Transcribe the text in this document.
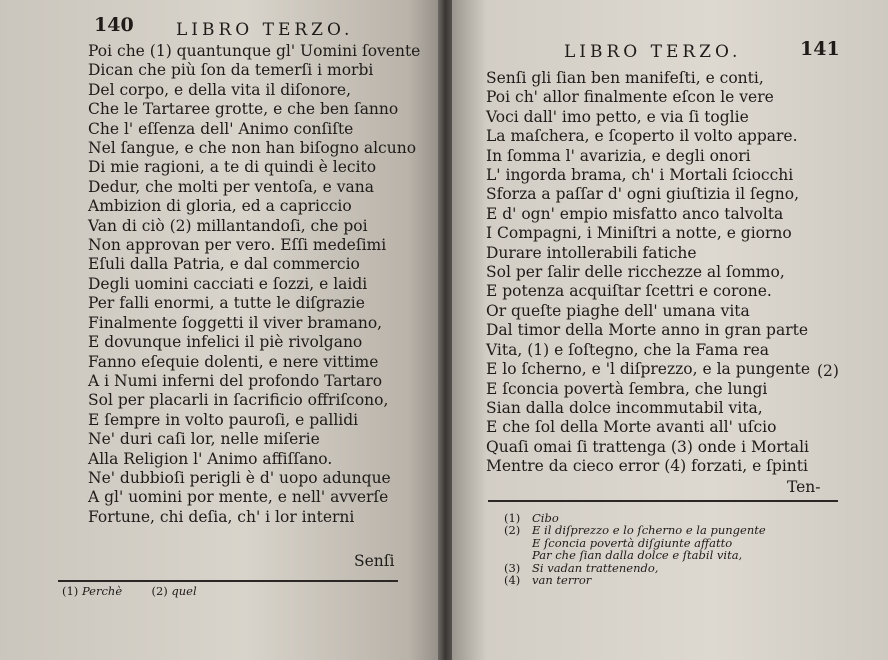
140 LIBRO TERZO.
Poi che (1) quantunque gl' Uomini ſovente
Dican che più ſon da temerſi i morbi
Del corpo, e della vita il diſonore,
Che le Tartaree grotte, e che ben ſanno
Che l' eſſenza dell' Animo conſiſte
Nel ſangue, e che non han biſogno alcuno
Di mie ragioni, a te di quindi è lecito
Dedur, che molti per ventoſa, e vana
Ambizion di gloria, ed a capriccio
Van di ciò (2) millantandoſi, che poi
Non approvan per vero. Eſſi medeſimi
Eſuli dalla Patria, e dal commercio
Degli uomini cacciati e ſozzi, e laidi
Per falli enormi, a tutte le diſgrazie
Finalmente ſoggetti il viver bramano,
E dovunque infelici il piè rivolgano
Fanno eſequie dolenti, e nere vittime
A i Numi inferni del profondo Tartaro
Sol per placarli in ſacrificio offriſcono,
E ſempre in volto pauroſi, e pallidi
Ne' duri caſi lor, nelle miſerie
Alla Religion l' Animo affiſſano.
Ne' dubbioſi perigli è d' uopo adunque
A gl' uomini por mente, e nell' avverſe
Fortune, chi deſia, ch' i lor interni
Senſi
(1) Perchè	(2) quel
LIBRO TERZO.	141
Senſi gli ſian ben manifeſti, e conti,
Poi ch' allor finalmente eſcon le vere
Voci dall' imo petto, e via ſi toglie
La maſchera, e ſcoperto il volto appare.
In ſomma l' avarizia, e degli onori
L' ingorda brama, ch' i Mortali ſciocchi
Sforza a paſſar d' ogni giuſtizia il ſegno,
E d' ogn' empio misfatto anco talvolta
I Compagni, i Miniſtri a notte, e giorno
Durare intollerabili fatiche
Sol per ſalir delle ricchezze al ſommo,
E potenza acquiſtar ſcettri e corone.
Or queſte piaghe dell' umana vita
Dal timor della Morte anno in gran parte
Vita, (1) e ſoſtegno, che la Fama rea
E lo ſcherno, e 'l diſprezzo, e la pungente
E ſconcia povertà ſembra, che lungi
Sian dalla dolce incommutabil vita,
E che ſol della Morte avanti all' uſcio
Quaſi omai ſi trattenga (3) onde i Mortali
Mentre da cieco error (4) forzati, e ſpinti
(2)
Ten-
(1) Cibo
(2) E il diſprezzo e lo ſcherno e la pungente
E ſconcia povertà diſgiunte affatto
Par che ſian dalla dolce e ſtabil vita,
(3) Si vadan trattenendo,
(4) van terror
